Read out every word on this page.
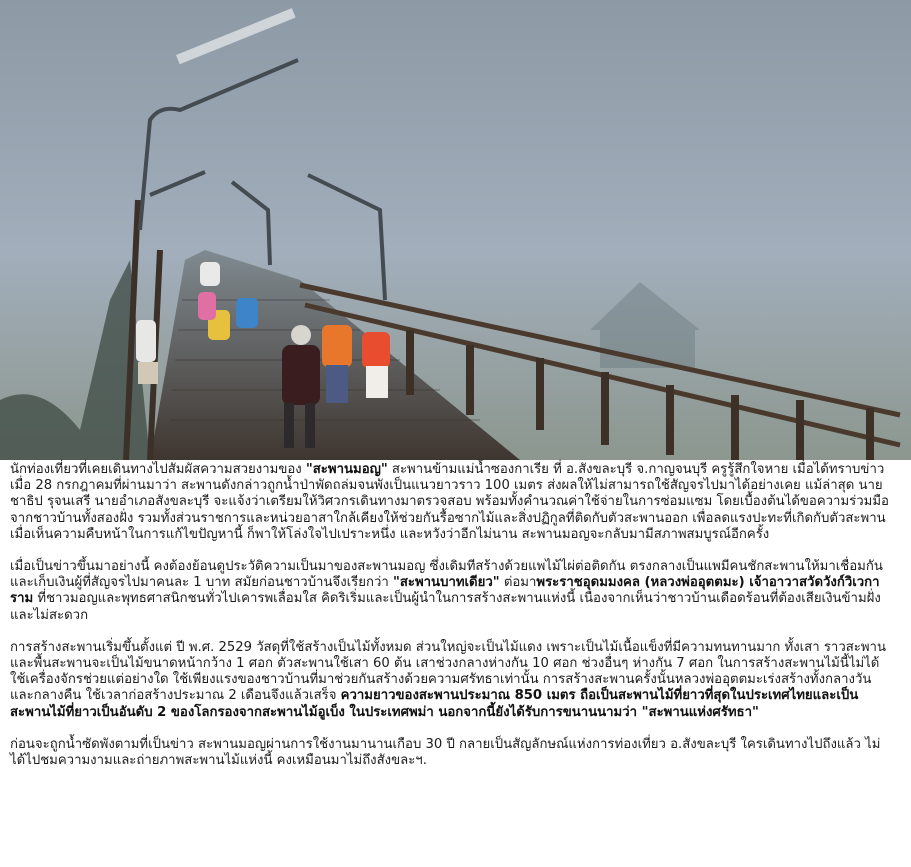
นักท่องเที่ยวที่เคยเดินทางไปสัมผัสความสวยงามของ "สะพานมอญ" สะพานข้ามแม่น้ำซองกาเรีย ที่ อ.สังขละบุรี จ.กาญจนบุรี ครูรู้สึกใจหาย เมื่อได้ทราบข่าวเมื่อ 28 กรกฎาคมที่ผ่านมาว่า สะพานดังกล่าวถูกน้ำป่าพัดถล่มจนพังเป็นแนวยาวราว 100 เมตร ส่งผลให้ไม่สามารถใช้สัญจรไปมาได้อย่างเคย แม้ล่าสุด นายชาธิป รุจนเสรี นายอำเภอสังขละบุรี จะแจ้งว่าเตรียมให้วิศวกรเดินทางมาตรวจสอบ พร้อมทั้งคำนวณค่าใช้จ่ายในการซ่อมแซม โดยเบื้องต้นได้ขอความร่วมมือจากชาวบ้านทั้งสองฝั่ง รวมทั้งส่วนราชการและหน่วยอาสาใกล้เคียงให้ช่วยกันรื้อซากไม้และสิ่งปฏิกูลที่ติดกับตัวสะพานออก เพื่อลดแรงปะทะที่เกิดกับตัวสะพาน เมื่อเห็นความคืบหน้าในการแก้ไขปัญหานี้ ก็พาให้โล่งใจไปเปราะหนึ่ง และหวังว่าอีกไม่นาน สะพานมอญจะกลับมามีสภาพสมบูรณ์อีกครั้ง

เมื่อเป็นข่าวขึ้นมาอย่างนี้ คงต้องย้อนดูประวัติความเป็นมาของสะพานมอญ ซึ่งเดิมทีสร้างด้วยแพไม้ไผ่ต่อติดกัน ตรงกลางเป็นแพมีคนชักสะพานให้มาเชื่อมกัน และเก็บเงินผู้ที่สัญจรไปมาคนละ 1 บาท สมัยก่อนชาวบ้านจึงเรียกว่า "สะพานบาทเดียว" ต่อมาพระราชอุดมมงคล (หลวงพ่ออุตตมะ) เจ้าอาวาสวัดวังก์วิเวการาม ที่ชาวมอญและพุทธศาสนิกชนทั่วไปเคารพเลื่อมใส คิดริเริ่มและเป็นผู้นำในการสร้างสะพานแห่งนี้ เนื่องจากเห็นว่าชาวบ้านเดือดร้อนที่ต้องเสียเงินข้ามฝั่งและไม่สะดวก

การสร้างสะพานเริ่มขึ้นตั้งแต่ ปี พ.ศ. 2529 วัสดุที่ใช้สร้างเป็นไม้ทั้งหมด ส่วนใหญ่จะเป็นไม้แดง เพราะเป็นไม้เนื้อแข็งที่มีความทนทานมาก ทั้งเสา ราวสะพาน และพื้นสะพานจะเป็นไม้ขนาดหน้ากว้าง 1 ศอก ตัวสะพานใช้เสา 60 ต้น เสาช่วงกลางห่างกัน 10 ศอก ช่วงอื่นๆ ห่างกัน 7 ศอก ในการสร้างสะพานไม้นี้ไม่ได้ใช้เครื่องจักรช่วยแต่อย่างใด ใช้เพียงแรงของชาวบ้านที่มาช่วยกันสร้างด้วยความศรัทธาเท่านั้น การสร้างสะพานครั้งนั้นหลวงพ่ออุตตมะเร่งสร้างทั้งกลางวันและกลางคืน ใช้เวลาก่อสร้างประมาณ 2 เดือนจึงแล้วเสร็จ ความยาวของสะพานประมาณ 850 เมตร ถือเป็นสะพานไม้ที่ยาวที่สุดในประเทศไทยและเป็นสะพานไม้ที่ยาวเป็นอันดับ 2 ของโลกรองจากสะพานไม้อูเบ็ง ในประเทศพม่า นอกจากนี้ยังได้รับการขนานนามว่า "สะพานแห่งศรัทธา"

ก่อนจะถูกน้ำซัดพังตามที่เป็นข่าว สะพานมอญผ่านการใช้งานมานานเกือบ 30 ปี กลายเป็นสัญลักษณ์แห่งการท่องเที่ยว อ.สังขละบุรี ใครเดินทางไปถึงแล้ว ไม่ได้ไปชมความงามและถ่ายภาพสะพานไม้แห่งนี้ คงเหมือนมาไม่ถึงสังขละฯ.
